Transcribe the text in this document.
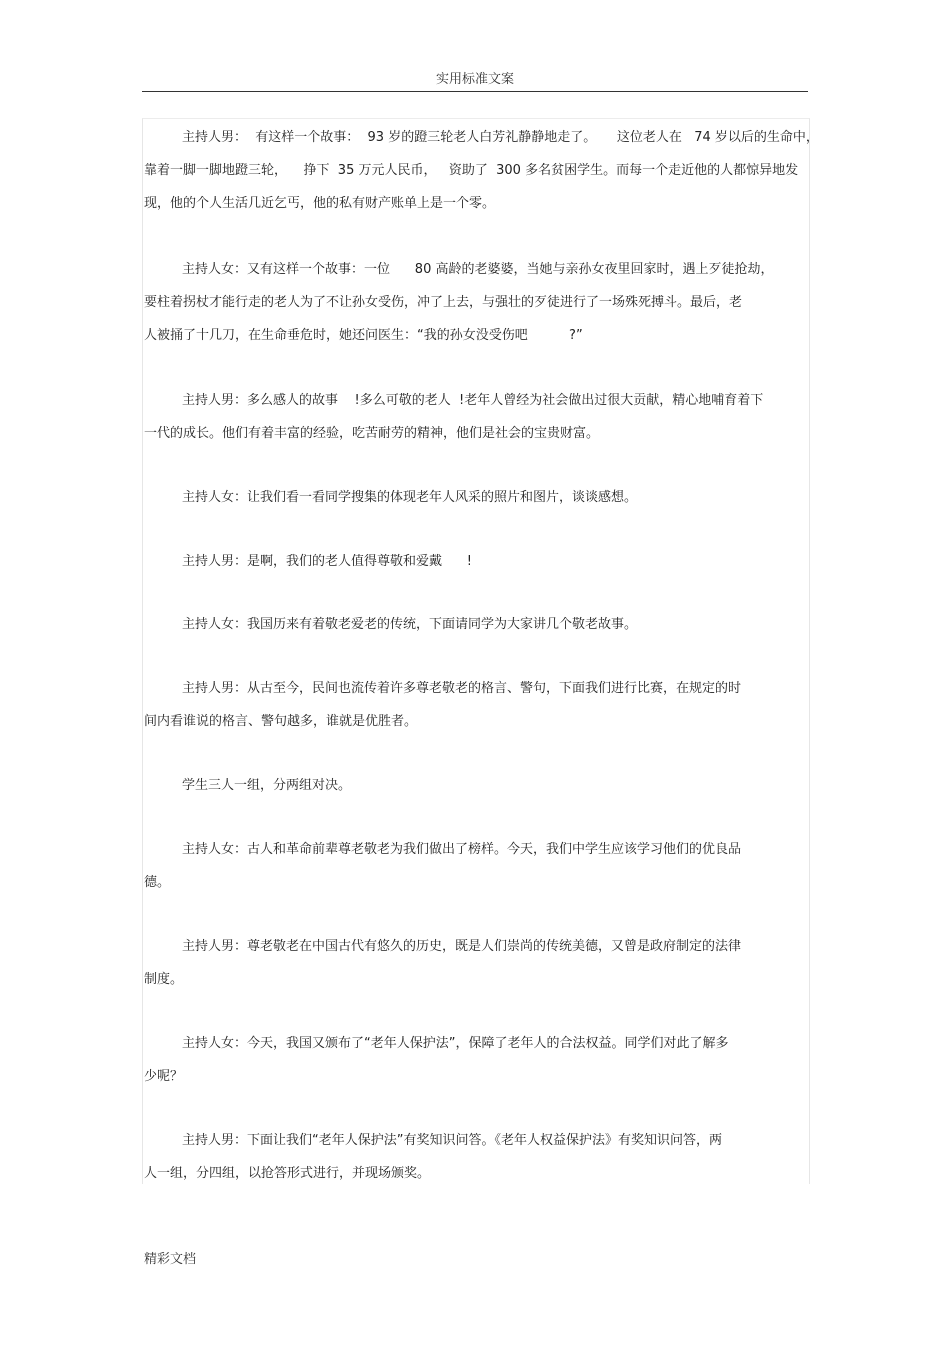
实用标准文案
主持人男：  有这样一个故事：  93 岁的蹬三轮老人白芳礼静静地走了。     这位老人在   74 岁以后的生命中，
靠着一脚一脚地蹬三轮，    挣下  35 万元人民币，   资助了  300 多名贫困学生。而每一个走近他的人都惊异地发
现，他的个人生活几近乞丐，他的私有财产账单上是一个零。
主持人女：又有这样一个故事：一位      80 高龄的老婆婆，当她与亲孙女夜里回家时，遇上歹徒抢劫，
要柱着拐杖才能行走的老人为了不让孙女受伤，冲了上去，与强壮的歹徒进行了一场殊死搏斗。最后，老
人被捅了十几刀，在生命垂危时，她还问医生：“我的孙女没受伤吧          ?”
主持人男：多么感人的故事    !多么可敬的老人  !老年人曾经为社会做出过很大贡献，精心地哺育着下
一代的成长。他们有着丰富的经验，吃苦耐劳的精神，他们是社会的宝贵财富。
主持人女：让我们看一看同学搜集的体现老年人风采的照片和图片，谈谈感想。
主持人男：是啊，我们的老人值得尊敬和爱戴      !
主持人女：我国历来有着敬老爱老的传统，下面请同学为大家讲几个敬老故事。
主持人男：从古至今，民间也流传着许多尊老敬老的格言、警句，下面我们进行比赛，在规定的时
间内看谁说的格言、警句越多，谁就是优胜者。
学生三人一组，分两组对决。
主持人女：古人和革命前辈尊老敬老为我们做出了榜样。今天，我们中学生应该学习他们的优良品
德。
主持人男：尊老敬老在中国古代有悠久的历史，既是人们崇尚的传统美德，又曾是政府制定的法律
制度。
主持人女：今天，我国又颁布了“老年人保护法”，保障了老年人的合法权益。同学们对此了解多
少呢？
主持人男：下面让我们“老年人保护法”有奖知识问答。《老年人权益保护法》有奖知识问答，两
人一组，分四组，以抢答形式进行，并现场颁奖。
精彩文档
